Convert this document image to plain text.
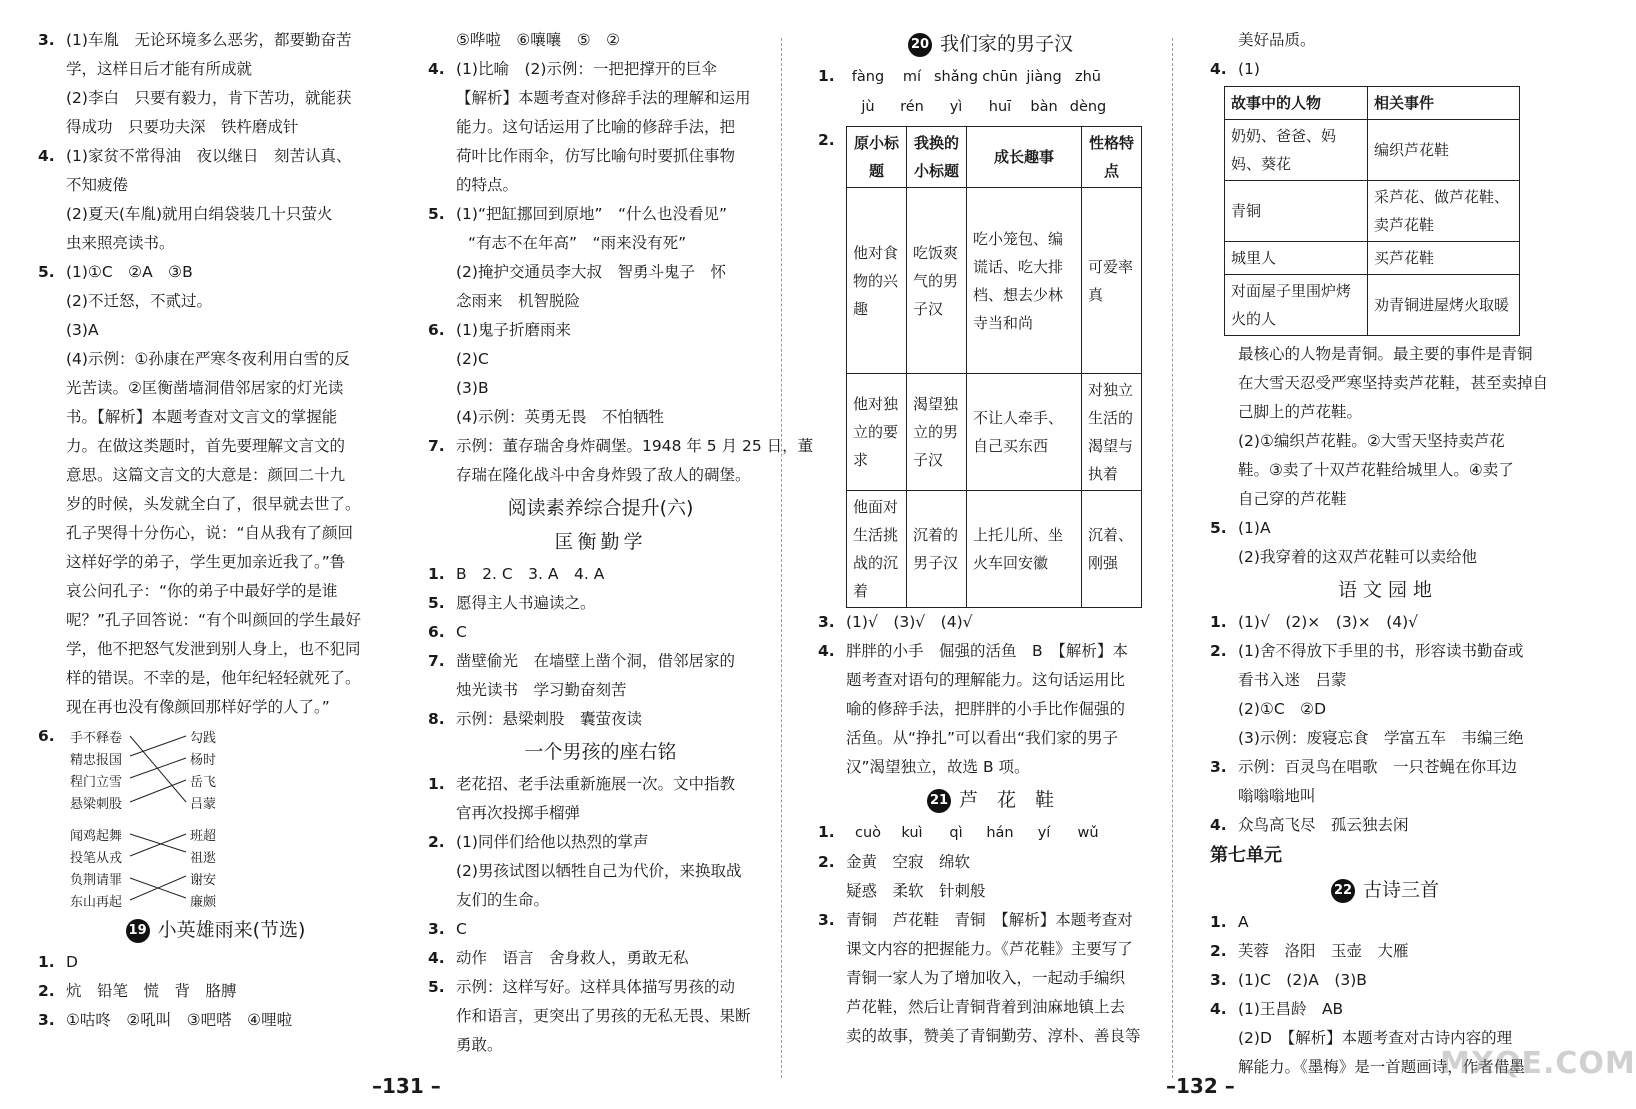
3. (1)车胤　无论环境多么恶劣，都要勤奋苦
学，这样日后才能有所成就
(2)李白　只要有毅力，肯下苦功，就能获
得成功　只要功夫深　铁杵磨成针
4. (1)家贫不常得油　夜以继日　刻苦认真、
不知疲倦
(2)夏天(车胤)就用白绢袋装几十只萤火
虫来照亮读书。
5. (1)①C　②A　③B
(2)不迁怒，不贰过。
(3)A
(4)示例：①孙康在严寒冬夜利用白雪的反
光苦读。②匡衡凿墙洞借邻居家的灯光读
书。【解析】本题考查对文言文的掌握能
力。在做这类题时，首先要理解文言文的
意思。这篇文言文的大意是：颜回二十九
岁的时候，头发就全白了，很早就去世了。
孔子哭得十分伤心，说：“自从我有了颜回
这样好学的弟子，学生更加亲近我了。”鲁
哀公问孔子：“你的弟子中最好学的是谁
呢？”孔子回答说：“有个叫颜回的学生最好
学，他不把怒气发泄到别人身上，也不犯同
样的错误。不幸的是，他年纪轻轻就死了。
现在再也没有像颜回那样好学的人了。”
6.	手不释卷
精忠报国
程门立雪
悬梁刺股
勾践
杨时
岳飞
吕蒙
闻鸡起舞
投笔从戎
负荆请罪
东山再起
班超
祖逖
谢安
廉颇
19 小英雄雨来(节选)
1. D
2. 炕　铅笔　慌　背　胳膊
3. ①咕咚　②吼叫　③吧嗒　④哩啦
⑤哗啦　⑥嚷嚷　⑤　②
4. (1)比喻　(2)示例：一把把撑开的巨伞
【解析】本题考查对修辞手法的理解和运用
能力。这句话运用了比喻的修辞手法，把
荷叶比作雨伞，仿写比喻句时要抓住事物
的特点。
5. (1)“把缸挪回到原地”　“什么也没看见”
“有志不在年高”　“雨来没有死”
(2)掩护交通员李大叔　智勇斗鬼子　怀
念雨来　机智脱险
6. (1)鬼子折磨雨来
(2)C
(3)B
(4)示例：英勇无畏　不怕牺牲
7. 示例：董存瑞舍身炸碉堡。1948 年 5 月 25 日，董
存瑞在隆化战斗中舍身炸毁了敌人的碉堡。
阅读素养综合提升(六)
匡衡勤学
1. B　2. C　3. A　4. A
5. 愿得主人书遍读之。
6. C
7. 凿壁偷光　在墙壁上凿个洞，借邻居家的
烛光读书　学习勤奋刻苦
8. 示例：悬梁刺股　囊萤夜读
一个男孩的座右铭
1. 老花招、老手法重新施展一次。文中指教
官再次投掷手榴弹
2. (1)同伴们给他以热烈的掌声
(2)男孩试图以牺牲自己为代价，来换取战
友们的生命。
3. C
4. 动作　语言　舍身救人，勇敢无私
5. 示例：这样写好。这样具体描写男孩的动
作和语言，更突出了男孩的无私无畏、果断
勇敢。
20 我们家的男子汉
1. fàng mí shǎng chūn jiàng zhū
jù rén yì huī bàn dèng
2.	原小标题	我换的小标题	成长趣事	性格特点
他对食物的兴趣	吃饭爽气的男子汉	吃小笼包、编谎话、吃大排档、想去少林寺当和尚	可爱率真
他对独立的要求	渴望独立的男子汉	不让人牵手、自己买东西	对独立生活的渴望与执着
他面对生活挑战的沉着	沉着的男子汉	上托儿所、坐火车回安徽	沉着、刚强
3. (1)√　(3)√　(4)√
4. 胖胖的小手　倔强的活鱼　B　【解析】本
题考查对语句的理解能力。这句话运用比
喻的修辞手法，把胖胖的小手比作倔强的
活鱼。从“挣扎”可以看出“我们家的男子
汉”渴望独立，故选 B 项。
21 芦　花　鞋
1. cuò kuì qì hán yí wǔ
2. 金黄　空寂　绵软
疑惑　柔软　针刺般
3. 青铜　芦花鞋　青铜　【解析】本题考查对
课文内容的把握能力。《芦花鞋》主要写了
青铜一家人为了增加收入，一起动手编织
芦花鞋，然后让青铜背着到油麻地镇上去
卖的故事，赞美了青铜勤劳、淳朴、善良等
美好品质。
4. (1)
故事中的人物	相关事件
奶奶、爸爸、妈妈、葵花	编织芦花鞋
青铜	采芦花、做芦花鞋、卖芦花鞋
城里人	买芦花鞋
对面屋子里围炉烤火的人	劝青铜进屋烤火取暖
最核心的人物是青铜。最主要的事件是青铜
在大雪天忍受严寒坚持卖芦花鞋，甚至卖掉自
己脚上的芦花鞋。
(2)①编织芦花鞋。②大雪天坚持卖芦花
鞋。③卖了十双芦花鞋给城里人。④卖了
自己穿的芦花鞋
5. (1)A
(2)我穿着的这双芦花鞋可以卖给他
语 文 园 地
1. (1)√　(2)×　(3)×　(4)√
2. (1)舍不得放下手里的书，形容读书勤奋或
看书入迷　吕蒙
(2)①C　②D
(3)示例：废寝忘食　学富五车　韦编三绝
3. 示例：百灵鸟在唱歌　一只苍蝇在你耳边
嗡嗡嗡地叫
4. 众鸟高飞尽　孤云独去闲
第七单元
22 古诗三首
1. A
2. 芙蓉　洛阳　玉壶　大雁
3. (1)C　(2)A　(3)B
4. (1)王昌龄　AB
(2)D　【解析】本题考查对古诗内容的理
解能力。《墨梅》是一首题画诗，作者借墨
–131 –	–132 –
MXQE.COM
